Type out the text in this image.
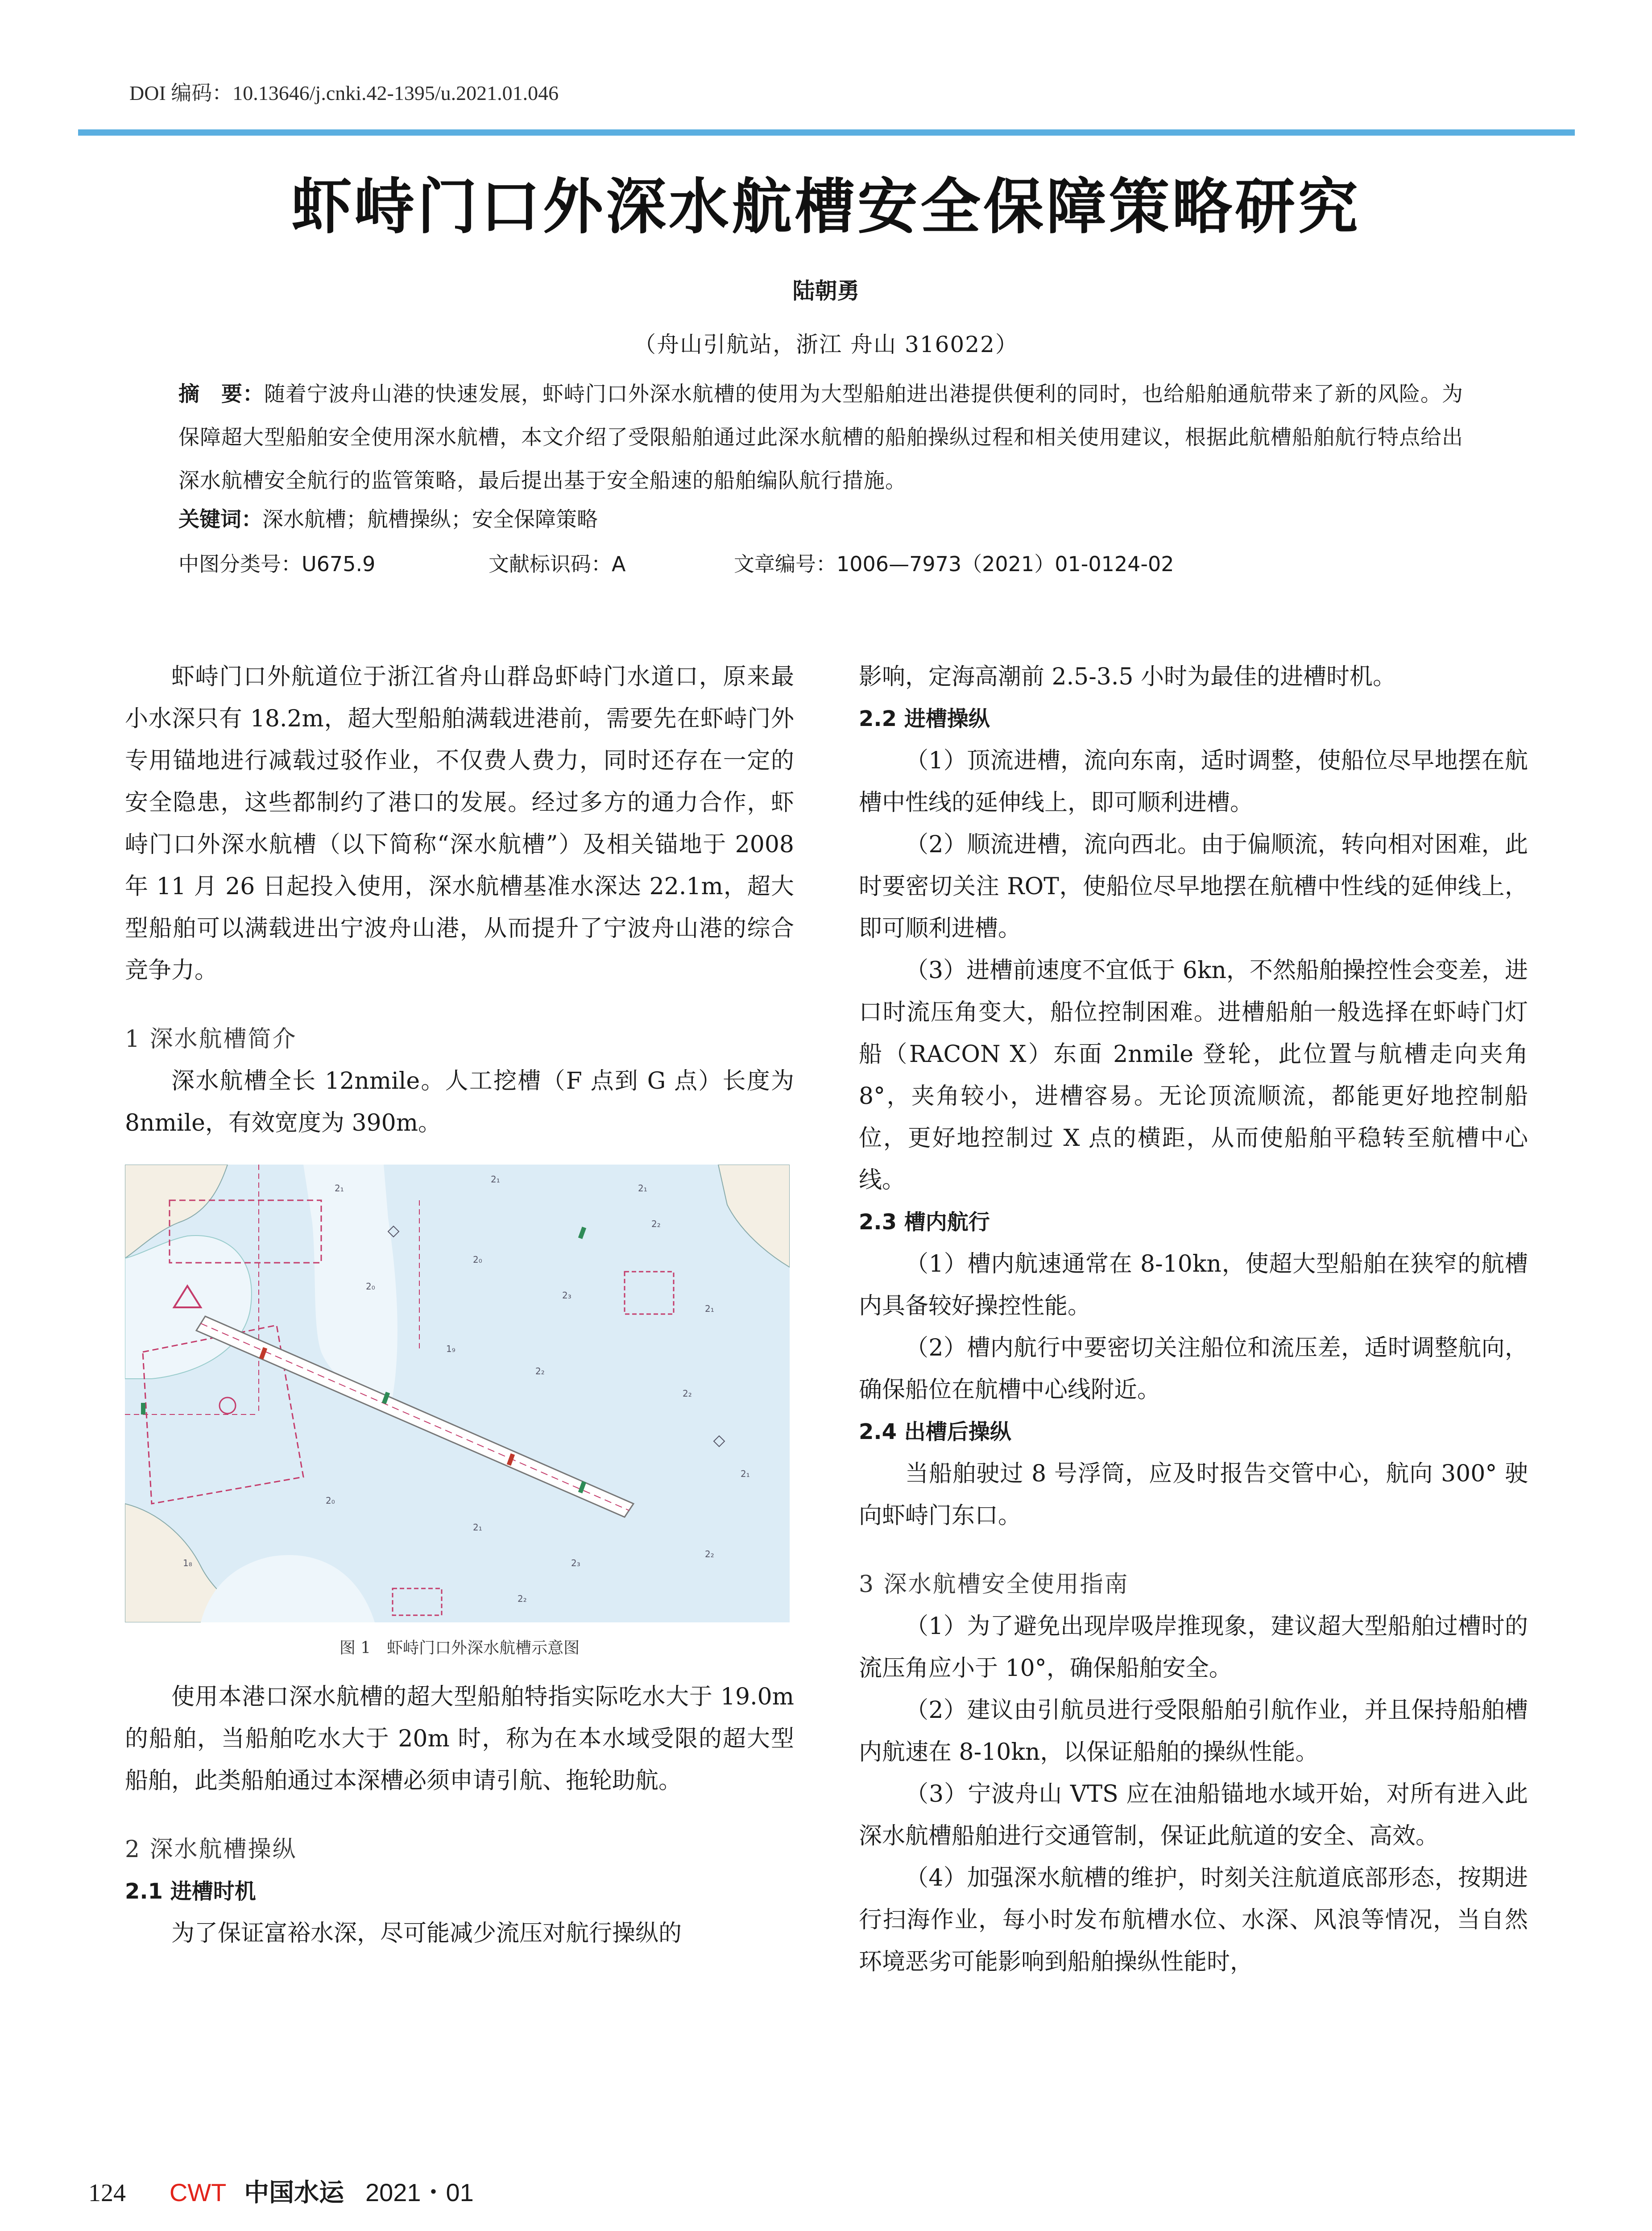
DOI 编码：10.13646/j.cnki.42-1395/u.2021.01.046
虾峙门口外深水航槽安全保障策略研究
陆朝勇
（舟山引航站，浙江 舟山 316022）
摘　要：随着宁波舟山港的快速发展，虾峙门口外深水航槽的使用为大型船舶进出港提供便利的同时，也给船舶通航带来了新的风险。为保障超大型船舶安全使用深水航槽，本文介绍了受限船舶通过此深水航槽的船舶操纵过程和相关使用建议，根据此航槽船舶航行特点给出深水航槽安全航行的监管策略，最后提出基于安全船速的船舶编队航行措施。
关键词：深水航槽；航槽操纵；安全保障策略
中图分类号：U675.9	文献标识码：A	文章编号：1006—7973（2021）01-0124-02

虾峙门口外航道位于浙江省舟山群岛虾峙门水道口，原来最小水深只有 18.2m，超大型船舶满载进港前，需要先在虾峙门外专用锚地进行减载过驳作业，不仅费人费力，同时还存在一定的安全隐患，这些都制约了港口的发展。经过多方的通力合作，虾峙门口外深水航槽（以下简称“深水航槽”）及相关锚地于 2008 年 11 月 26 日起投入使用，深水航槽基准水深达 22.1m，超大型船舶可以满载进出宁波舟山港，从而提升了宁波舟山港的综合竞争力。

1 深水航槽简介

深水航槽全长 12nmile。人工挖槽（F 点到 G 点）长度为 8nmile，有效宽度为 390m。

2₁
2₁
2₁
2₀
2₃
2₁
1₉
2₂
2₂
2₀
2₁
2₃
2₂
2₁
1₈
2₀
2₂
2₂

图 1　虾峙门口外深水航槽示意图

使用本港口深水航槽的超大型船舶特指实际吃水大于 19.0m 的船舶，当船舶吃水大于 20m 时，称为在本水域受限的超大型船舶，此类船舶通过本深槽必须申请引航、拖轮助航。

2 深水航槽操纵

2.1 进槽时机

为了保证富裕水深，尽可能减少流压对航行操纵的

影响，定海高潮前 2.5-3.5 小时为最佳的进槽时机。

2.2 进槽操纵

（1）顶流进槽，流向东南，适时调整，使船位尽早地摆在航槽中性线的延伸线上，即可顺利进槽。

（2）顺流进槽，流向西北。由于偏顺流，转向相对困难，此时要密切关注 ROT，使船位尽早地摆在航槽中性线的延伸线上，即可顺利进槽。

（3）进槽前速度不宜低于 6kn，不然船舶操控性会变差，进口时流压角变大，船位控制困难。进槽船舶一般选择在虾峙门灯船（RACON X）东面 2nmile 登轮，此位置与航槽走向夹角 8°，夹角较小，进槽容易。无论顶流顺流，都能更好地控制船位，更好地控制过 X 点的横距，从而使船舶平稳转至航槽中心线。

2.3 槽内航行

（1）槽内航速通常在 8-10kn，使超大型船舶在狭窄的航槽内具备较好操控性能。

（2）槽内航行中要密切关注船位和流压差，适时调整航向，确保船位在航槽中心线附近。

2.4 出槽后操纵

当船舶驶过 8 号浮筒，应及时报告交管中心，航向 300° 驶向虾峙门东口。

3 深水航槽安全使用指南

（1）为了避免出现岸吸岸推现象，建议超大型船舶过槽时的流压角应小于 10°，确保船舶安全。

（2）建议由引航员进行受限船舶引航作业，并且保持船舶槽内航速在 8-10kn，以保证船舶的操纵性能。

（3）宁波舟山 VTS 应在油船锚地水域开始，对所有进入此深水航槽船舶进行交通管制，保证此航道的安全、高效。

（4）加强深水航槽的维护，时刻关注航道底部形态，按期进行扫海作业，每小时发布航槽水位、水深、风浪等情况，当自然环境恶劣可能影响到船舶操纵性能时，

124 CWT 中国水运 2021・01
